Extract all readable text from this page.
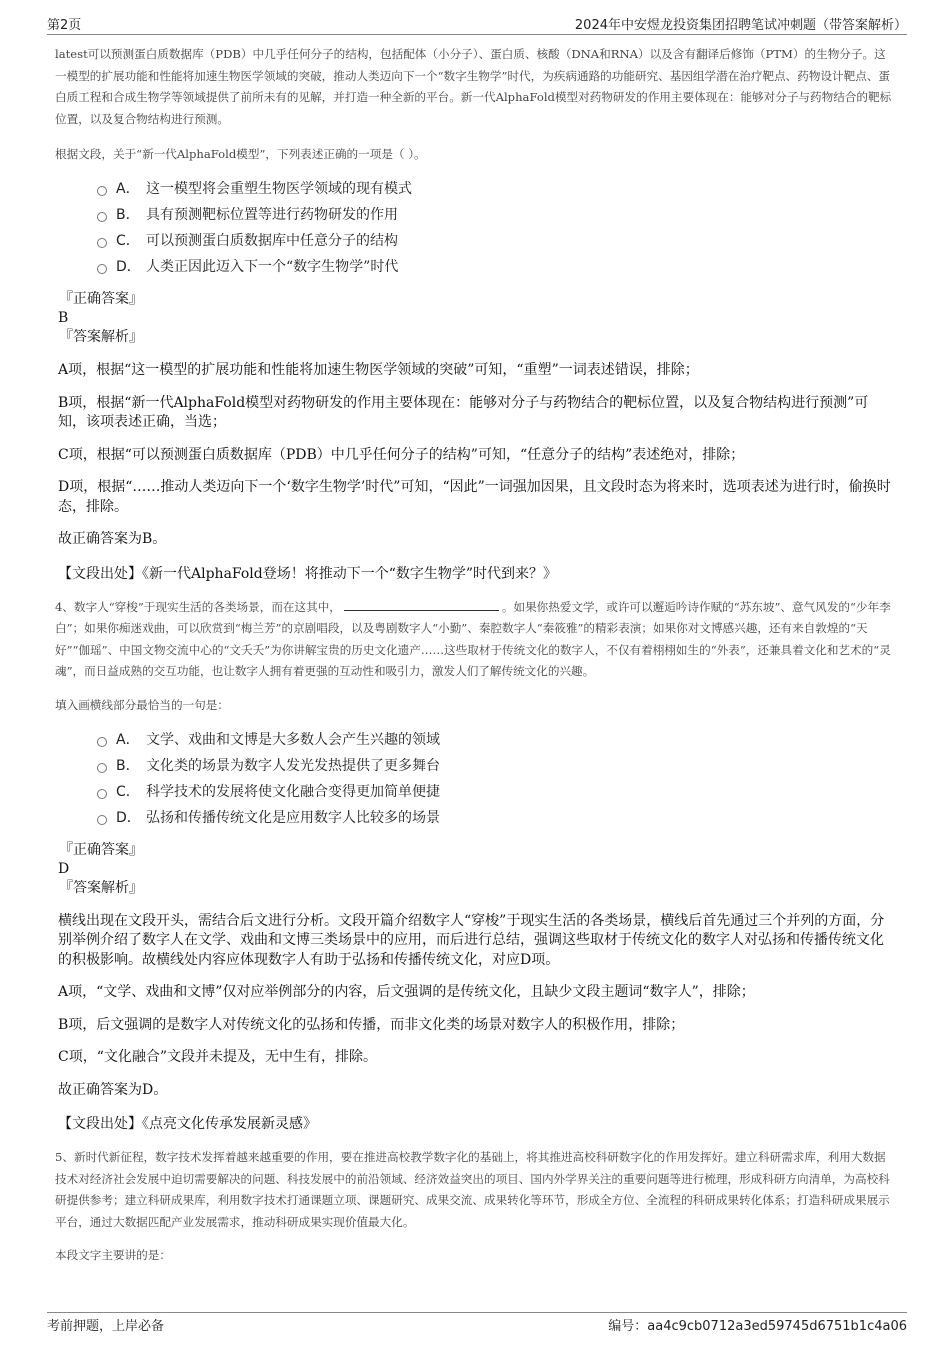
第2页	2024年中安煜龙投资集团招聘笔试冲刺题（带答案解析）

latest可以预测蛋白质数据库（PDB）中几乎任何分子的结构，包括配体（小分子）、蛋白质、核酸（DNA和RNA）以及含有翻译后修饰（PTM）的生物分子。这一模型的扩展功能和性能将加速生物医学领域的突破，推动人类迈向下一个“数字生物学”时代，为疾病通路的功能研究、基因组学潜在治疗靶点、药物设计靶点、蛋白质工程和合成生物学等领域提供了前所未有的见解，并打造一种全新的平台。新一代AlphaFold模型对药物研发的作用主要体现在：能够对分子与药物结合的靶标位置，以及复合物结构进行预测。

根据文段，关于“新一代AlphaFold模型”，下列表述正确的一项是（ ）。

A． 这一模型将会重塑生物医学领域的现有模式
B． 具有预测靶标位置等进行药物研发的作用
C． 可以预测蛋白质数据库中任意分子的结构
D． 人类正因此迈入下一个“数字生物学”时代

『正确答案』

B

『答案解析』

A项，根据“这一模型的扩展功能和性能将加速生物医学领域的突破”可知，“重塑”一词表述错误，排除；

B项，根据“新一代AlphaFold模型对药物研发的作用主要体现在：能够对分子与药物结合的靶标位置，以及复合物结构进行预测”可知，该项表述正确，当选；

C项，根据“可以预测蛋白质数据库（PDB）中几乎任何分子的结构”可知，“任意分子的结构”表述绝对，排除；

D项，根据“……推动人类迈向下一个‘数字生物学’时代”可知，“因此”一词强加因果，且文段时态为将来时，选项表述为进行时，偷换时态，排除。

故正确答案为B。

【文段出处】《新一代AlphaFold登场！将推动下一个“数字生物学”时代到来？》

4、数字人“穿梭”于现实生活的各类场景，而在这其中，	。如果你热爱文学，或许可以邂逅吟诗作赋的“苏东坡”、意气风发的“少年李白”；如果你痴迷戏曲，可以欣赏到“梅兰芳”的京剧唱段，以及粤剧数字人“小勤”、秦腔数字人“秦筱雅”的精彩表演；如果你对文博感兴趣，还有来自敦煌的“天好”“伽瑶”、中国文物交流中心的“文夭夭”为你讲解宝贵的历史文化遗产……这些取材于传统文化的数字人，不仅有着栩栩如生的“外表”，还兼具着文化和艺术的“灵魂”，而日益成熟的交互功能，也让数字人拥有着更强的互动性和吸引力，激发人们了解传统文化的兴趣。

填入画横线部分最恰当的一句是：

A． 文学、戏曲和文博是大多数人会产生兴趣的领域
B． 文化类的场景为数字人发光发热提供了更多舞台
C． 科学技术的发展将使文化融合变得更加简单便捷
D． 弘扬和传播传统文化是应用数字人比较多的场景

『正确答案』

D

『答案解析』

横线出现在文段开头，需结合后文进行分析。文段开篇介绍数字人“穿梭”于现实生活的各类场景，横线后首先通过三个并列的方面，分别举例介绍了数字人在文学、戏曲和文博三类场景中的应用，而后进行总结，强调这些取材于传统文化的数字人对弘扬和传播传统文化的积极影响。故横线处内容应体现数字人有助于弘扬和传播传统文化，对应D项。

A项，“文学、戏曲和文博”仅对应举例部分的内容，后文强调的是传统文化，且缺少文段主题词“数字人”，排除；

B项，后文强调的是数字人对传统文化的弘扬和传播，而非文化类的场景对数字人的积极作用，排除；

C项，“文化融合”文段并未提及，无中生有，排除。

故正确答案为D。

【文段出处】《点亮文化传承发展新灵感》

5、新时代新征程，数字技术发挥着越来越重要的作用，要在推进高校教学数字化的基础上，将其推进高校科研数字化的作用发挥好。建立科研需求库，利用大数据技术对经济社会发展中迫切需要解决的问题、科技发展中的前沿领域、经济效益突出的项目、国内外学界关注的重要问题等进行梳理，形成科研方向清单，为高校科研提供参考；建立科研成果库，利用数字技术打通课题立项、课题研究、成果交流、成果转化等环节，形成全方位、全流程的科研成果转化体系；打造科研成果展示平台，通过大数据匹配产业发展需求，推动科研成果实现价值最大化。

本段文字主要讲的是：

考前押题，上岸必备	编号：aa4c9cb0712a3ed59745d6751b1c4a06
